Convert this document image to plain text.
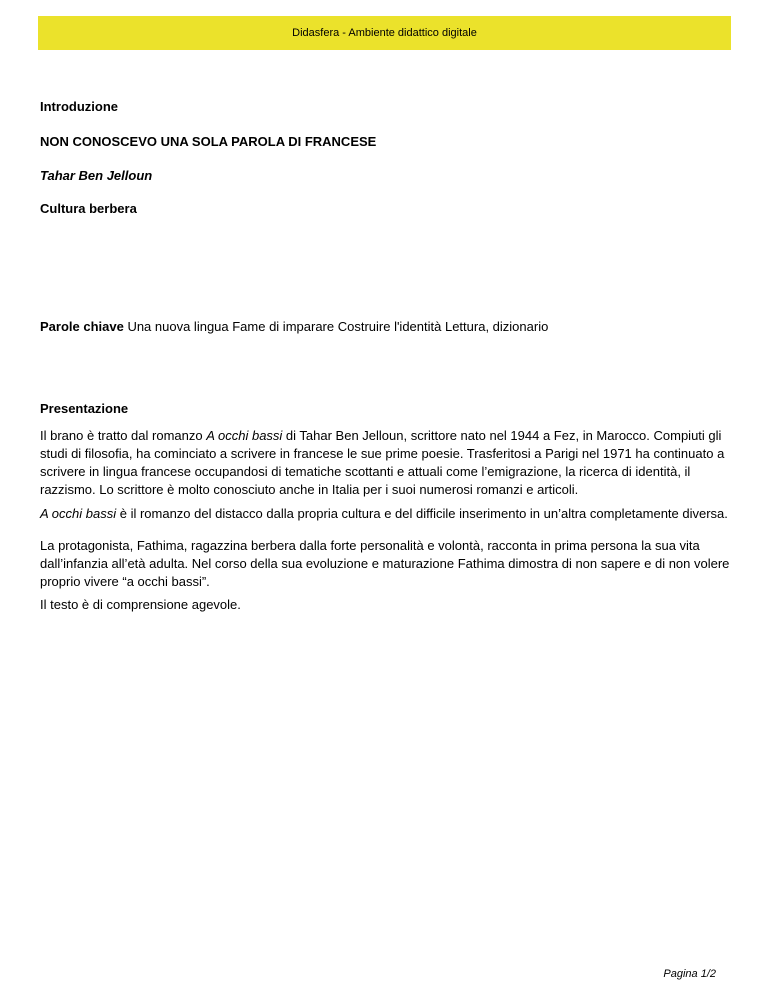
Didasfera - Ambiente didattico digitale

Introduzione

NON CONOSCEVO UNA SOLA PAROLA DI FRANCESE

Tahar Ben Jelloun

Cultura berbera

Parole chiave Una nuova lingua Fame di imparare Costruire l'identità Lettura, dizionario

Presentazione

Il brano è tratto dal romanzo A occhi bassi di Tahar Ben Jelloun, scrittore nato nel 1944 a Fez, in Marocco. Compiuti gli studi di filosofia, ha cominciato a scrivere in francese le sue prime poesie. Trasferitosi a Parigi nel 1971 ha continuato a scrivere in lingua francese occupandosi di tematiche scottanti e attuali come l’emigrazione, la ricerca di identità, il razzismo. Lo scrittore è molto conosciuto anche in Italia per i suoi numerosi romanzi e articoli.

A occhi bassi è il romanzo del distacco dalla propria cultura e del difficile inserimento in un’altra completamente diversa.

La protagonista, Fathima, ragazzina berbera dalla forte personalità e volontà, racconta in prima persona la sua vita dall’infanzia all’età adulta. Nel corso della sua evoluzione e maturazione Fathima dimostra di non sapere e di non volere proprio vivere “a occhi bassi”.

Il testo è di comprensione agevole.

Pagina 1/2
